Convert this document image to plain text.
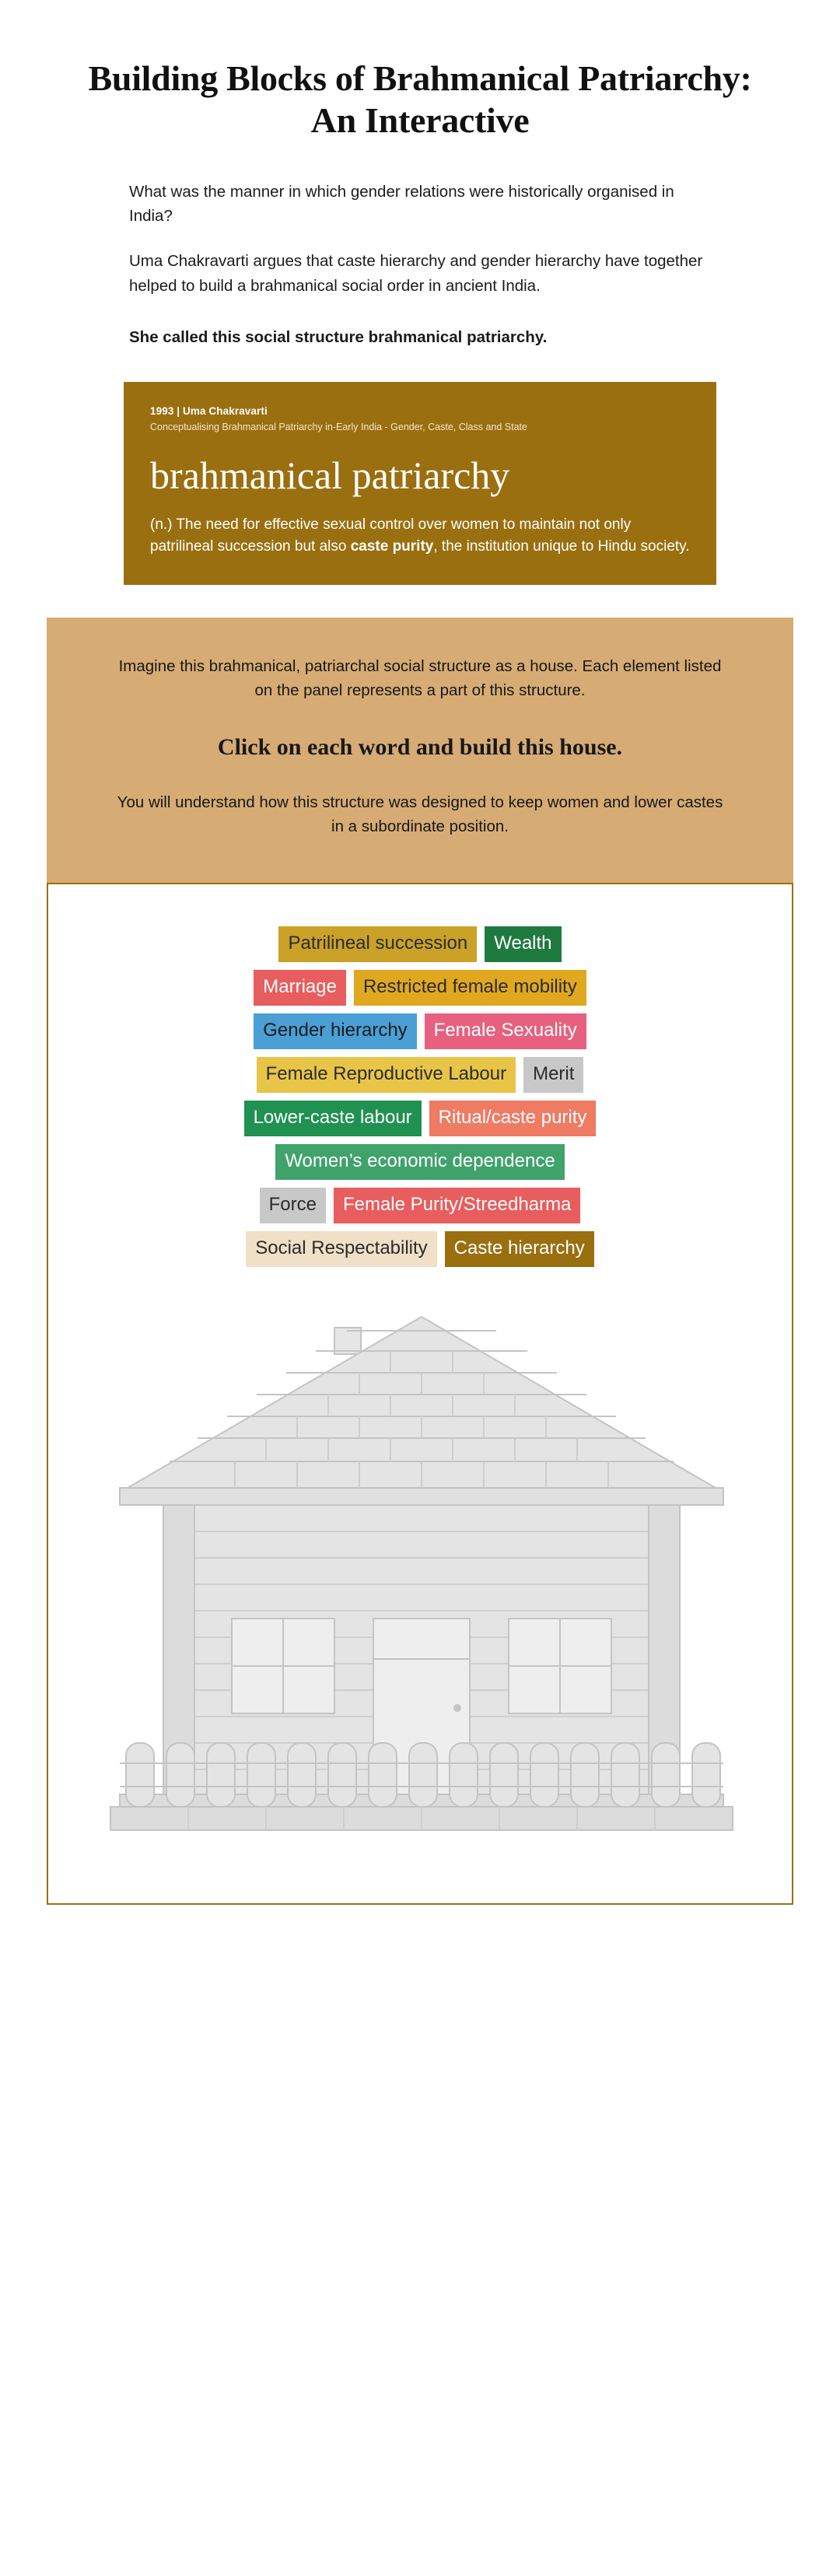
Building Blocks of Brahmanical Patriarchy: An Interactive

What was the manner in which gender relations were historically organised in India?

Uma Chakravarti argues that caste hierarchy and gender hierarchy have together helped to build a brahmanical social order in ancient India.

She called this social structure brahmanical patriarchy.

1993 | Uma Chakravarti

Conceptualising Brahmanical Patriarchy in-Early India - Gender, Caste, Class and State

brahmanical patriarchy

(n.) The need for effective sexual control over women to maintain not only patrilineal succession but also caste purity, the institution unique to Hindu society.

Imagine this brahmanical, patriarchal social structure as a house. Each element listed on the panel represents a part of this structure.

Click on each word and build this house.

You will understand how this structure was designed to keep women and lower castes in a subordinate position.

Patrilineal succession	Wealth
Marriage	Restricted female mobility
Gender hierarchy	Female Sexuality
Female Reproductive Labour	Merit
Lower-caste labour	Ritual/caste purity
Women’s economic dependence
Force	Female Purity/Streedharma
Social Respectability	Caste hierarchy
